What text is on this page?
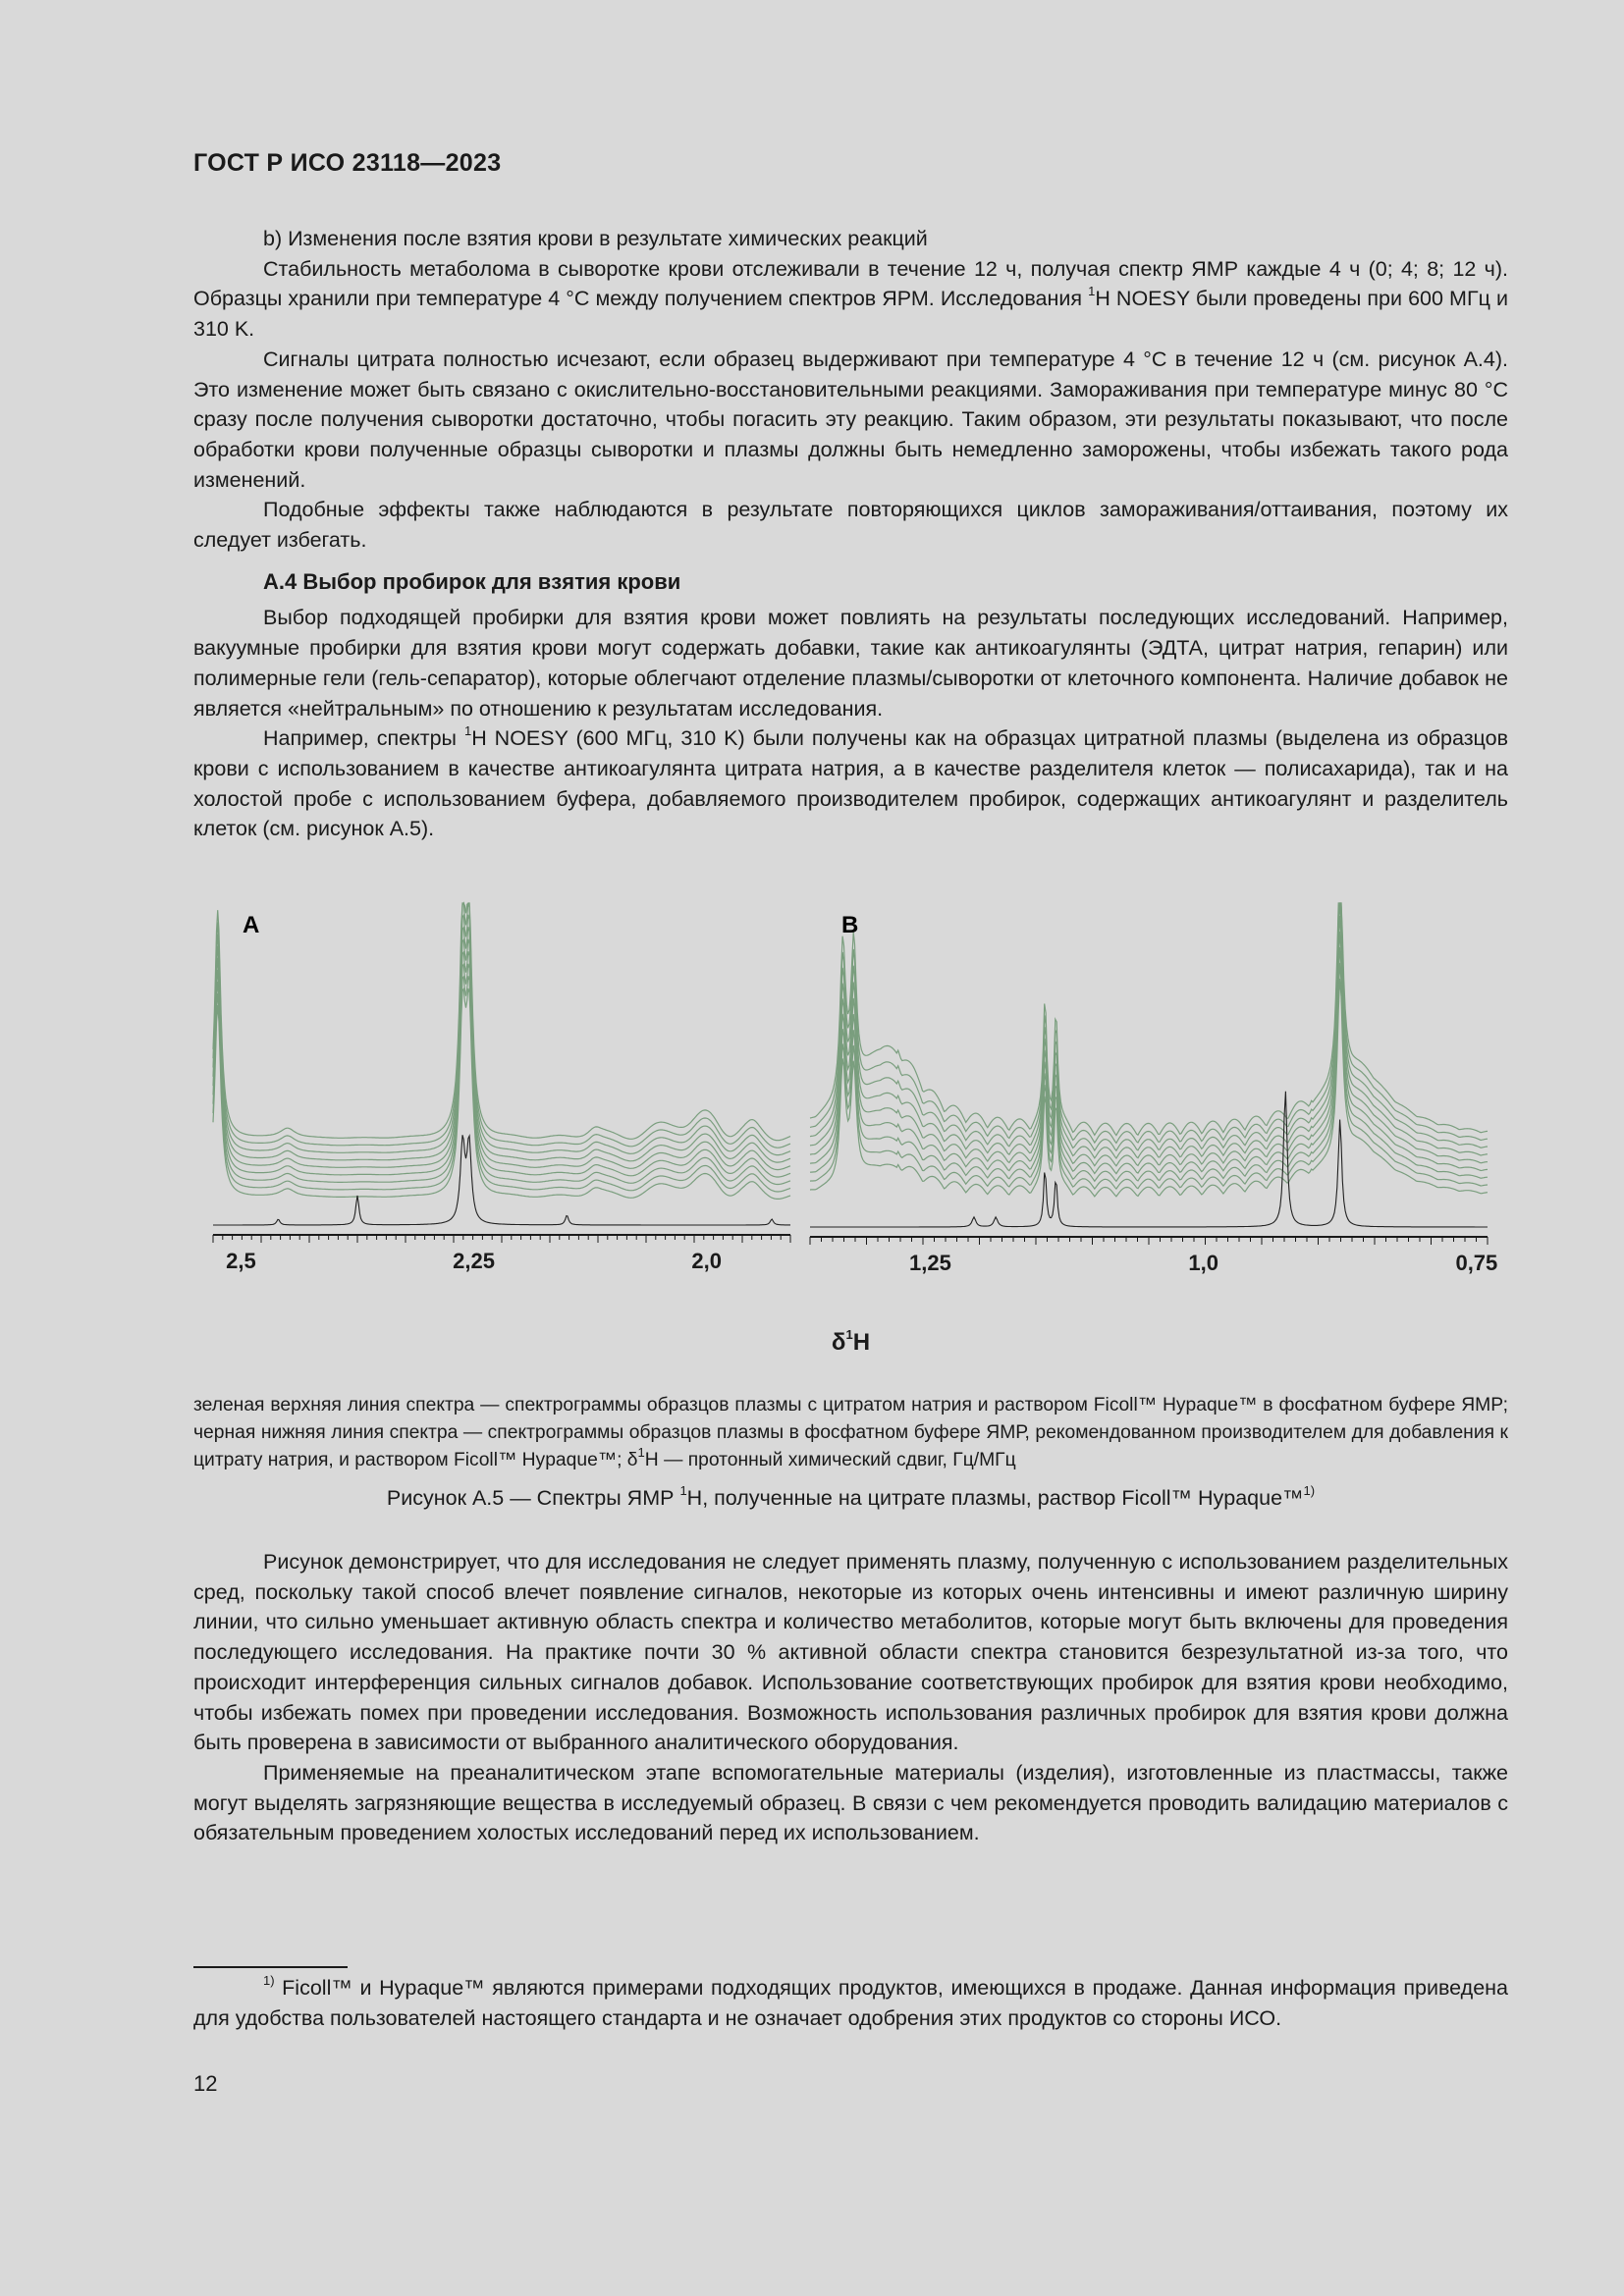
ГОСТ Р ИСО 23118—2023

b) Изменения после взятия крови в результате химических реакций

Стабильность метаболома в сыворотке крови отслеживали в течение 12 ч, получая спектр ЯМР каждые 4 ч (0; 4; 8; 12 ч). Образцы хранили при температуре 4 °С между получением спектров ЯРМ. Исследования $^1$H NOESY были проведены при 600 МГц и 310 K.

Сигналы цитрата полностью исчезают, если образец выдерживают при температуре 4 °С в течение 12 ч (см. рисунок А.4). Это изменение может быть связано с окислительно-восстановительными реакциями. Замораживания при температуре минус 80 °С сразу после получения сыворотки достаточно, чтобы погасить эту реакцию. Таким образом, эти результаты показывают, что после обработки крови полученные образцы сыворотки и плазмы должны быть немедленно заморожены, чтобы избежать такого рода изменений.

Подобные эффекты также наблюдаются в результате повторяющихся циклов замораживания/оттаивания, поэтому их следует избегать.

А.4 Выбор пробирок для взятия крови

Выбор подходящей пробирки для взятия крови может повлиять на результаты последующих исследований. Например, вакуумные пробирки для взятия крови могут содержать добавки, такие как антикоагулянты (ЭДТА, цитрат натрия, гепарин) или полимерные гели (гель-сепаратор), которые облегчают отделение плазмы/сыворотки от клеточного компонента. Наличие добавок не является «нейтральным» по отношению к результатам исследования.

Например, спектры $^1$H NOESY (600 МГц, 310 K) были получены как на образцах цитратной плазмы (выделена из образцов крови с использованием в качестве антикоагулянта цитрата натрия, а в качестве разделителя клеток — полисахарида), так и на холостой пробе с использованием буфера, добавляемого производителем пробирок, содержащих антикоагулянт и разделитель клеток (см. рисунок А.5).

A	B
2,5	2,25	2,0	1,25	1,0	0,75
$\delta^1H$
зеленая верхняя линия спектра — спектрограммы образцов плазмы с цитратом натрия и раствором Ficoll™ Hypaque™ в фосфатном буфере ЯМР; черная нижняя линия спектра — спектрограммы образцов плазмы в фосфатном буфере ЯМР, рекомендованном производителем для добавления к цитрату натрия, и раствором Ficoll™ Hypaque™; $\delta^1H$ — протонный химический сдвиг, Гц/МГц
Рисунок А.5 — Спектры ЯМР $^1$H, полученные на цитрате плазмы, раствор Ficoll™ Hypaque™$^{1)}$

Рисунок демонстрирует, что для исследования не следует применять плазму, полученную с использованием разделительных сред, поскольку такой способ влечет появление сигналов, некоторые из которых очень интенсивны и имеют различную ширину линии, что сильно уменьшает активную область спектра и количество метаболитов, которые могут быть включены для проведения последующего исследования. На практике почти 30 % активной области спектра становится безрезультатной из-за того, что происходит интерференция сильных сигналов добавок. Использование соответствующих пробирок для взятия крови необходимо, чтобы избежать помех при проведении исследования. Возможность использования различных пробирок для взятия крови должна быть проверена в зависимости от выбранного аналитического оборудования.

Применяемые на преаналитическом этапе вспомогательные материалы (изделия), изготовленные из пластмассы, также могут выделять загрязняющие вещества в исследуемый образец. В связи с чем рекомендуется проводить валидацию материалов с обязательным проведением холостых исследований перед их использованием.

$^{1)}$ Ficoll™ и Hypaque™ являются примерами подходящих продуктов, имеющихся в продаже. Данная информация приведена для удобства пользователей настоящего стандарта и не означает одобрения этих продуктов со стороны ИСО.
12
